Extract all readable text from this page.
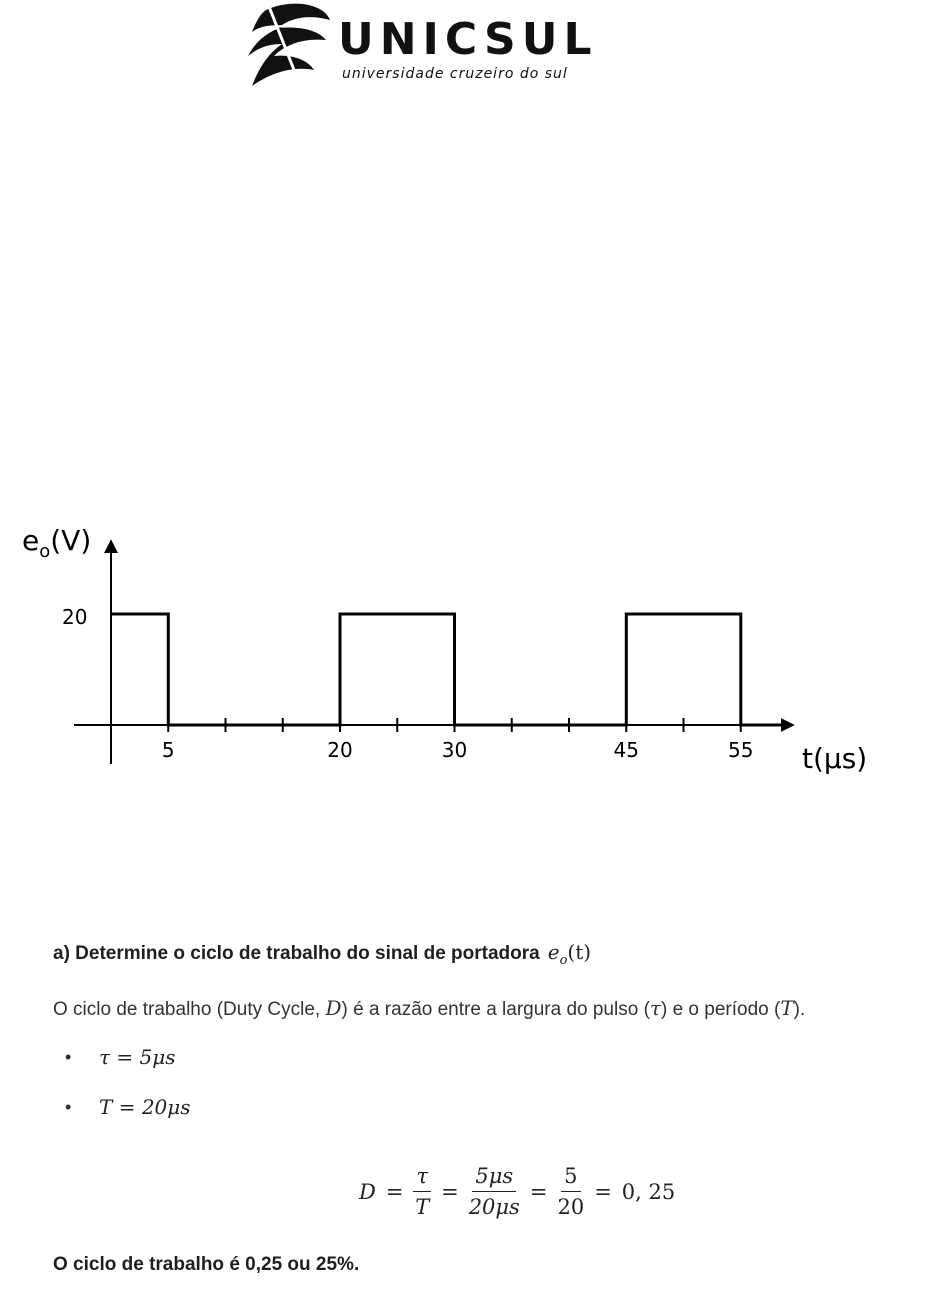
UNICSUL
universidade cruzeiro do sul
$e_o(V)$
20
t(μs)
5	20	30	45	55
a) Determine o ciclo de trabalho do sinal de portadora $e_o(t)$
O ciclo de trabalho (Duty Cycle, D) é a razão entre a largura do pulso (τ) e o período (T).
• τ = 5μs
• T = 20μs
$D = \frac{\tau}{T} = \frac{5\mu s}{20\mu s} = \frac{5}{20} = 0$, 25
O ciclo de trabalho é 0,25 ou 25%.
